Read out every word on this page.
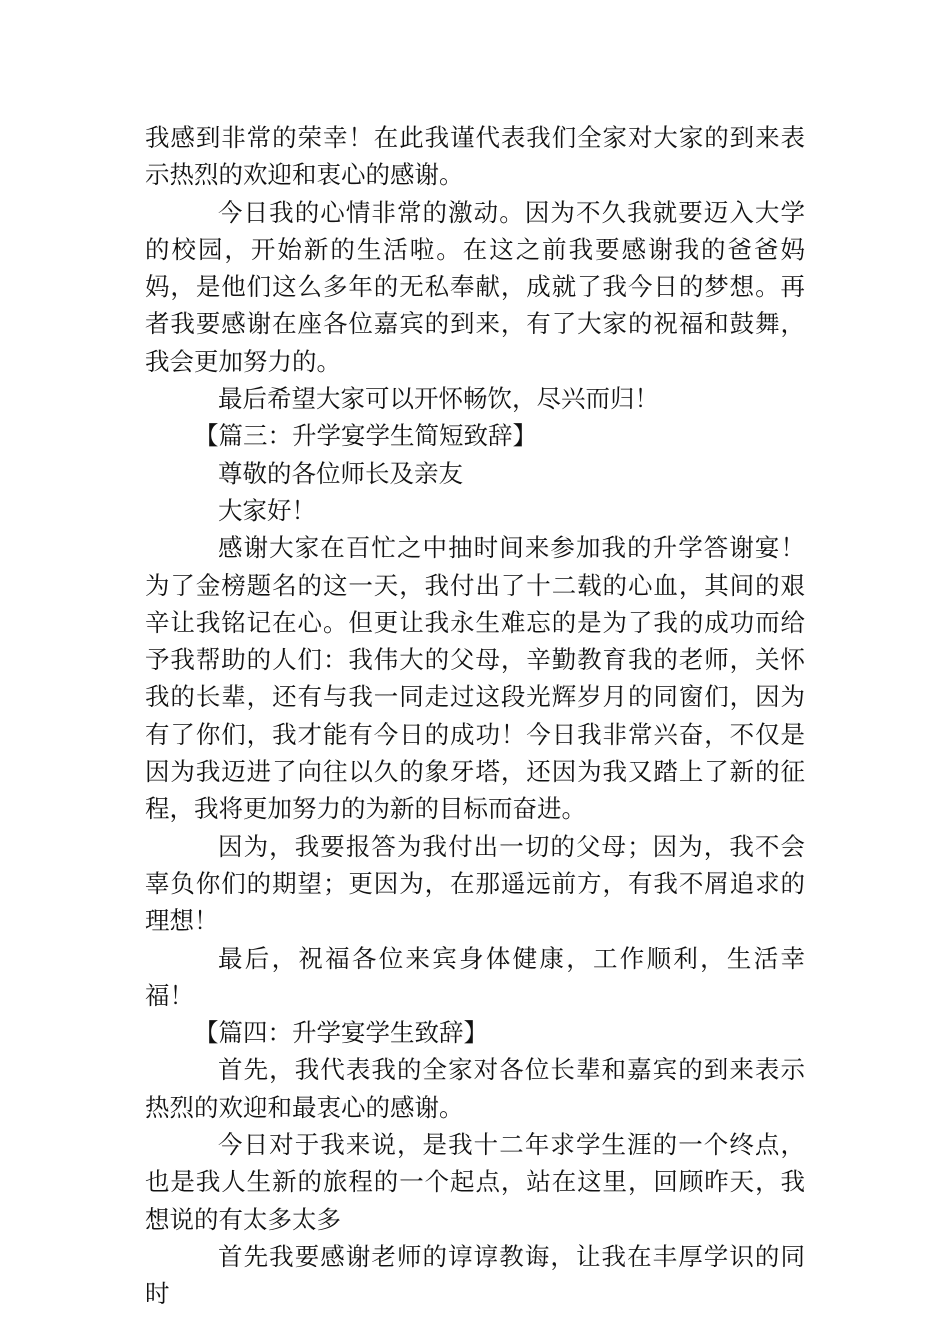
我感到非常的荣幸！在此我谨代表我们全家对大家的到来表示热烈的欢迎和衷心的感谢。

今日我的心情非常的激动。因为不久我就要迈入大学的校园，开始新的生活啦。在这之前我要感谢我的爸爸妈妈，是他们这么多年的无私奉献，成就了我今日的梦想。再者我要感谢在座各位嘉宾的到来，有了大家的祝福和鼓舞，我会更加努力的。

最后希望大家可以开怀畅饮，尽兴而归！

【篇三：升学宴学生简短致辞】

尊敬的各位师长及亲友

大家好！

感谢大家在百忙之中抽时间来参加我的升学答谢宴！为了金榜题名的这一天，我付出了十二载的心血，其间的艰辛让我铭记在心。但更让我永生难忘的是为了我的成功而给予我帮助的人们：我伟大的父母，辛勤教育我的老师，关怀我的长辈，还有与我一同走过这段光辉岁月的同窗们，因为有了你们，我才能有今日的成功！今日我非常兴奋，不仅是因为我迈进了向往以久的象牙塔，还因为我又踏上了新的征程，我将更加努力的为新的目标而奋进。

因为，我要报答为我付出一切的父母；因为，我不会辜负你们的期望；更因为，在那遥远前方，有我不屑追求的理想！

最后，祝福各位来宾身体健康，工作顺利，生活幸福！

【篇四：升学宴学生致辞】

首先，我代表我的全家对各位长辈和嘉宾的到来表示热烈的欢迎和最衷心的感谢。

今日对于我来说，是我十二年求学生涯的一个终点，也是我人生新的旅程的一个起点，站在这里，回顾昨天，我想说的有太多太多

首先我要感谢老师的谆谆教诲，让我在丰厚学识的同时
